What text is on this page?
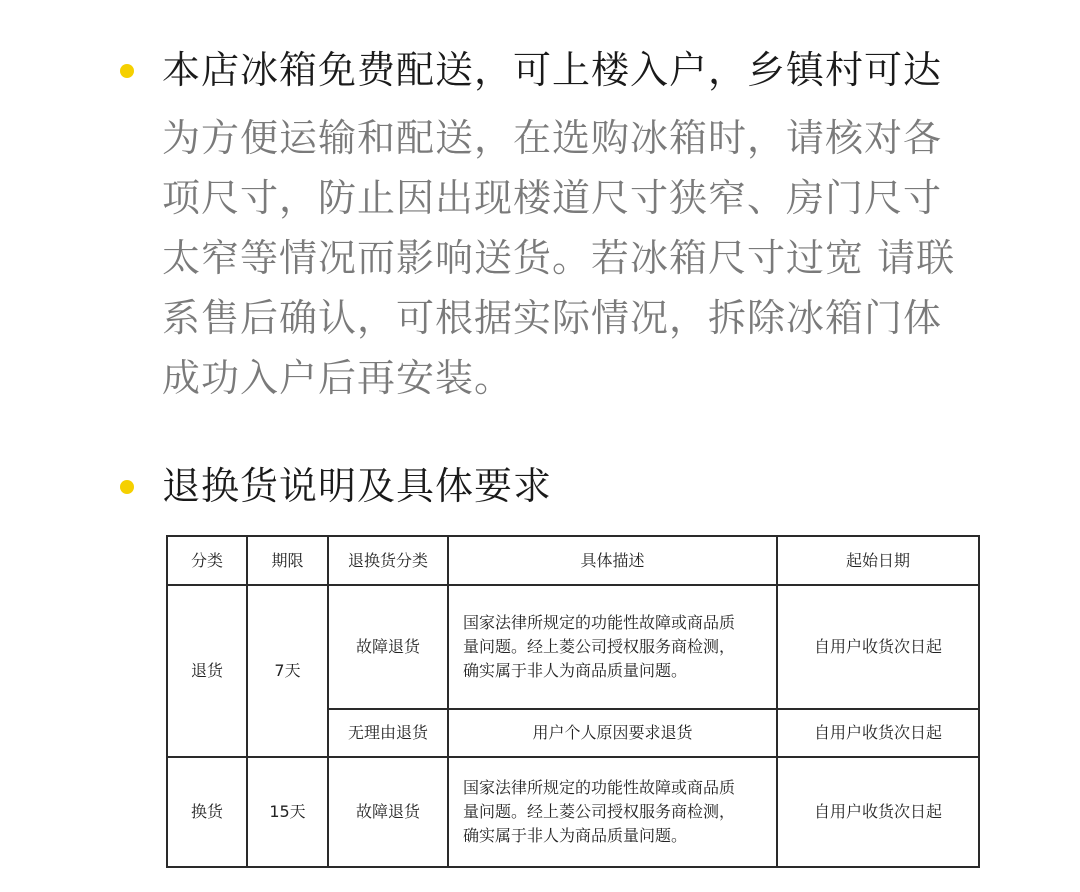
本店冰箱免费配送，可上楼入户，乡镇村可达
为方便运输和配送，在选购冰箱时，请核对各
项尺寸，防止因出现楼道尺寸狭窄、房门尺寸
太窄等情况而影响送货。若冰箱尺寸过宽 请联
系售后确认，可根据实际情况，拆除冰箱门体
成功入户后再安装。
退换货说明及具体要求
分类	期限	退换货分类	具体描述	起始日期
退货	7天	故障退货	国家法律所规定的功能性故障或商品质
量问题。经上菱公司授权服务商检测，
确实属于非人为商品质量问题。	自用户收货次日起
		无理由退货	用户个人原因要求退货	自用户收货次日起
换货	15天	故障退货	国家法律所规定的功能性故障或商品质
量问题。经上菱公司授权服务商检测，
确实属于非人为商品质量问题。	自用户收货次日起
